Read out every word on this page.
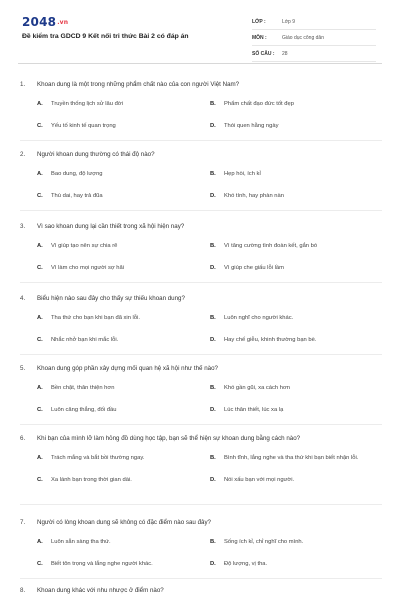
2048.vn
Đề kiểm tra GDCD 9 Kết nối tri thức Bài 2 có đáp án
LỚP :	Lớp 9
MÔN :	Giáo dục công dân
SỐ CÂU :	28
1.	Khoan dung là một trong những phẩm chất nào của con người Việt Nam?
A.	Truyền thống lịch sử lâu đời	B.	Phẩm chất đạo đức tốt đẹp
C.	Yếu tố kinh tế quan trọng	D.	Thói quen hằng ngày
2.	Người khoan dung thường có thái độ nào?
A.	Bao dung, độ lượng	B.	Hẹp hòi, ích kỉ
C.	Thù dai, hay trả đũa	D.	Khó tính, hay phàn nàn
3.	Vì sao khoan dung lại cần thiết trong xã hội hiện nay?
A.	Vì giúp tạo nên sự chia rẽ	B.	Vì tăng cường tình đoàn kết, gắn bó
C.	Vì làm cho mọi người sợ hãi	D.	Vì giúp che giấu lỗi lầm
4.	Biểu hiện nào sau đây cho thấy sự thiếu khoan dung?
A.	Tha thứ cho bạn khi bạn đã xin lỗi.	B.	Luôn nghĩ cho người khác.
C.	Nhắc nhở bạn khi mắc lỗi.	D.	Hay chế giễu, khinh thường bạn bè.
5.	Khoan dung góp phần xây dựng mối quan hệ xã hội như thế nào?
A.	Bền chặt, thân thiện hơn	B.	Khó gần gũi, xa cách hơn
C.	Luôn căng thẳng, đối đầu	D.	Lúc thân thiết, lúc xa lạ
6.	Khi bạn của mình lỡ làm hỏng đồ dùng học tập, bạn sẽ thể hiện sự khoan dung bằng cách nào?
A.	Trách mắng và bắt bồi thường ngay.	B.	Bình tĩnh, lắng nghe và tha thứ khi bạn biết nhận lỗi.
C.	Xa lánh bạn trong thời gian dài.	D.	Nói xấu bạn với mọi người.
7.	Người có lòng khoan dung sẽ không có đặc điểm nào sau đây?
A.	Luôn sẵn sàng tha thứ.	B.	Sống ích kỉ, chỉ nghĩ cho mình.
C.	Biết tôn trọng và lắng nghe người khác.	D.	Độ lượng, vị tha.
8.	Khoan dung khác với nhu nhược ở điểm nào?
